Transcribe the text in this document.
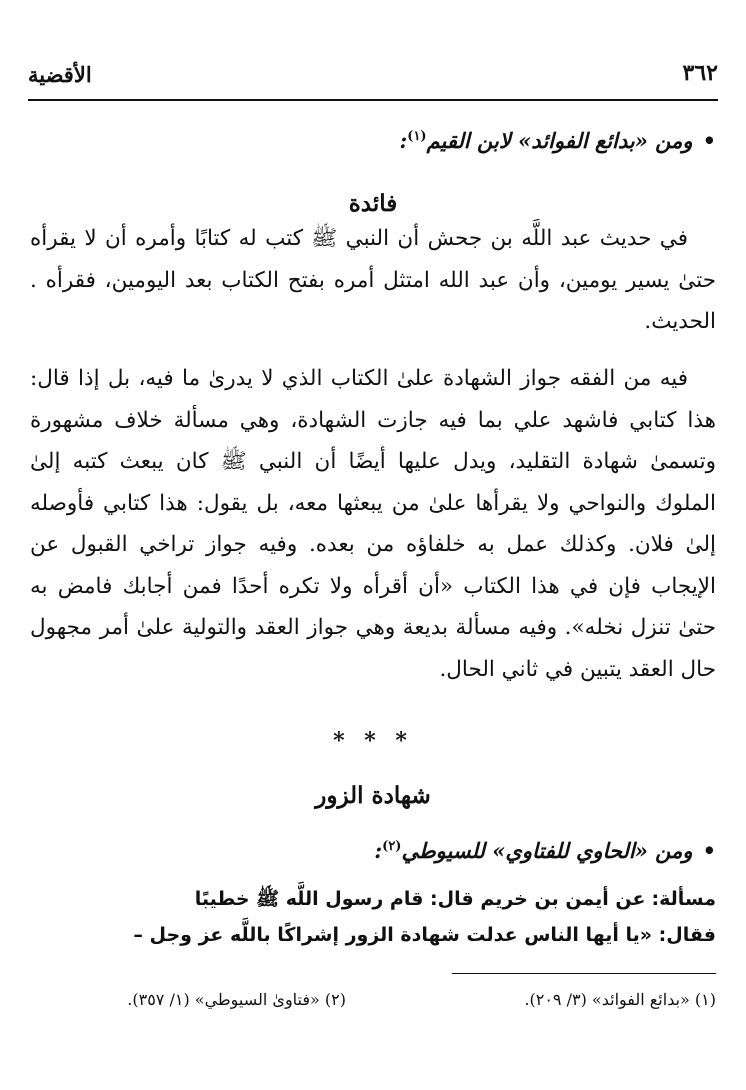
٣٦٢
الأقضية
•ومن «بدائع الفوائد» لابن القيم$^{(١)}$:
فائدة

في حديث عبد اللَّه بن جحش أن النبي ﷺ كتب له كتابًا وأمره أن لا يقرأه حتىٰ يسير يومين، وأن عبد الله امتثل أمره بفتح الكتاب بعد اليومين، فقرأه . الحديث.

فيه من الفقه جواز الشهادة علىٰ الكتاب الذي لا يدرىٰ ما فيه، بل إذا قال: هذا كتابي فاشهد علي بما فيه جازت الشهادة، وهي مسألة خلاف مشهورة وتسمىٰ شهادة التقليد، ويدل عليها أيضًا أن النبي ﷺ كان يبعث كتبه إلىٰ الملوك والنواحي ولا يقرأها علىٰ من يبعثها معه، بل يقول: هذا كتابي فأوصله إلىٰ فلان. وكذلك عمل به خلفاؤه من بعده. وفيه جواز تراخي القبول عن الإيجاب فإن في هذا الكتاب «أن أقرأه ولا تكره أحدًا فمن أجابك فامض به حتىٰ تنزل نخله». وفيه مسألة بديعة وهي جواز العقد والتولية علىٰ أمر مجهول حال العقد يتبين في ثاني الحال.

* * *
شهادة الزور
•ومن «الحاوي للفتاوي» للسيوطي$^{(٢)}$:
مسألة:عن أيمن بن خريم قال: قام رسول اللَّه ﷺ خطيبًا
فقال: «يا أيها الناس عدلت شهادة الزور إشراكًا باللَّه عز وجل –
(١) «بدائع الفوائد» (٣/ ٢٠٩).
(٢) «فتاوىٰ السيوطي» (١/ ٣٥٧).
